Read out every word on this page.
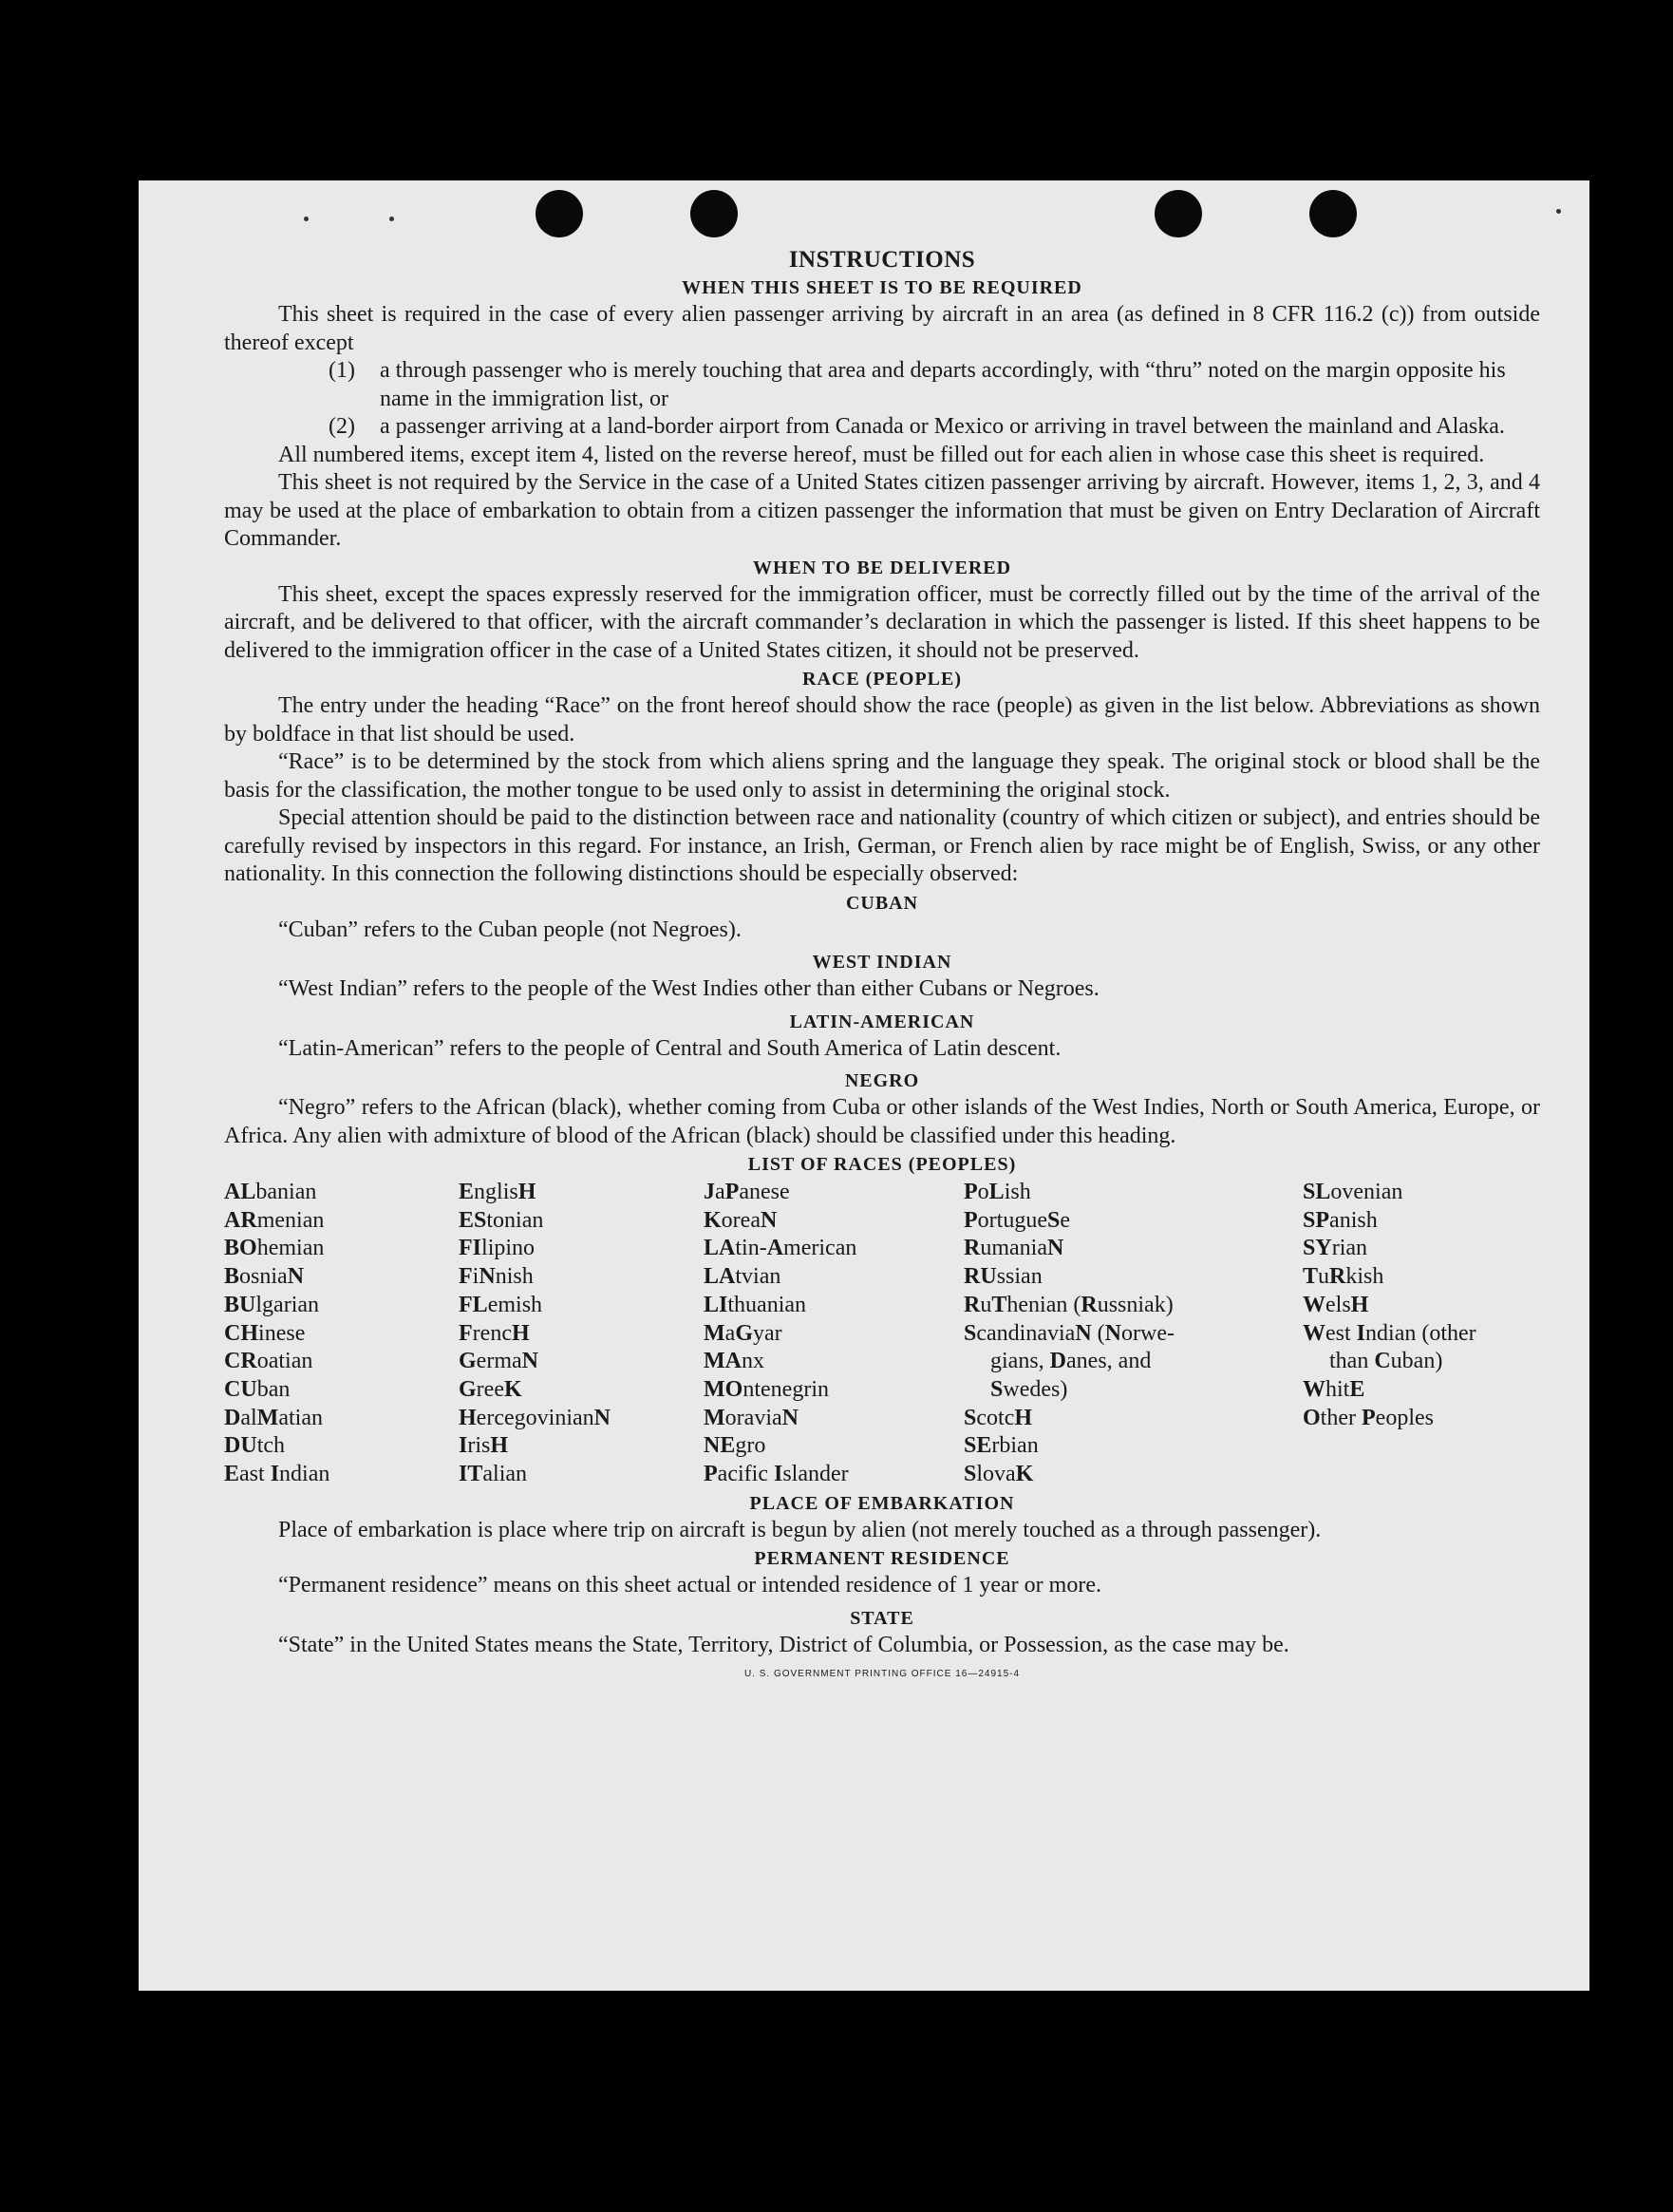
INSTRUCTIONS

WHEN THIS SHEET IS TO BE REQUIRED

This sheet is required in the case of every alien passenger arriving by aircraft in an area (as defined in 8 CFR 116.2 (c)) from outside thereof except

(1)	a through passenger who is merely touching that area and departs accordingly, with “thru” noted on the margin opposite his name in the immigration list, or

(2)	a passenger arriving at a land-border airport from Canada or Mexico or arriving in travel between the mainland and Alaska.

All numbered items, except item 4, listed on the reverse hereof, must be filled out for each alien in whose case this sheet is required.

This sheet is not required by the Service in the case of a United States citizen passenger arriving by aircraft. However, items 1, 2, 3, and 4 may be used at the place of embarkation to obtain from a citizen passenger the information that must be given on Entry Declaration of Aircraft Commander.

WHEN TO BE DELIVERED

This sheet, except the spaces expressly reserved for the immigration officer, must be correctly filled out by the time of the arrival of the aircraft, and be delivered to that officer, with the aircraft commander’s declaration in which the passenger is listed. If this sheet happens to be delivered to the immigration officer in the case of a United States citizen, it should not be preserved.

RACE (PEOPLE)

The entry under the heading “Race” on the front hereof should show the race (people) as given in the list below. Abbreviations as shown by boldface in that list should be used.

“Race” is to be determined by the stock from which aliens spring and the language they speak. The original stock or blood shall be the basis for the classification, the mother tongue to be used only to assist in determining the original stock.

Special attention should be paid to the distinction between race and nationality (country of which citizen or subject), and entries should be carefully revised by inspectors in this regard. For instance, an Irish, German, or French alien by race might be of English, Swiss, or any other nationality. In this connection the following distinctions should be especially observed:

CUBAN

“Cuban” refers to the Cuban people (not Negroes).

WEST INDIAN

“West Indian” refers to the people of the West Indies other than either Cubans or Negroes.

LATIN-AMERICAN

“Latin-American” refers to the people of Central and South America of Latin descent.

NEGRO

“Negro” refers to the African (black), whether coming from Cuba or other islands of the West Indies, North or South America, Europe, or Africa. Any alien with admixture of blood of the African (black) should be classified under this heading.

LIST OF RACES (PEOPLES)

ALbanian
ARmenian
BOhemian
BosniaN
BUlgarian
CHinese
CRoatian
CUban
DalMatian
DUtch
East Indian
EnglisH
EStonian
FIlipino
FiNnish
FLemish
FrencH
GermaN
GreeK
HercegovinianN
IrisH
ITalian
JaPanese
KoreaN
LAtin-American
LAtvian
LIthuanian
MaGyar
MAnx
MOntenegrin
MoraviaN
NEgro
Pacific Islander
PoLish
PortugueSe
RumaniaN
RUssian
RuThenian (Russniak)
ScandinaviaN (Norwe-
gians, Danes, and
Swedes)
ScotcH
SErbian
SlovaK
SLovenian
SPanish
SYrian
TuRkish
WelsH
West Indian (other
than Cuban)
WhitE
Other Peoples

PLACE OF EMBARKATION

Place of embarkation is place where trip on aircraft is begun by alien (not merely touched as a through passenger).

PERMANENT RESIDENCE

“Permanent residence” means on this sheet actual or intended residence of 1 year or more.

STATE

“State” in the United States means the State, Territory, District of Columbia, or Possession, as the case may be.

U. S. GOVERNMENT PRINTING OFFICE 16—24915-4
